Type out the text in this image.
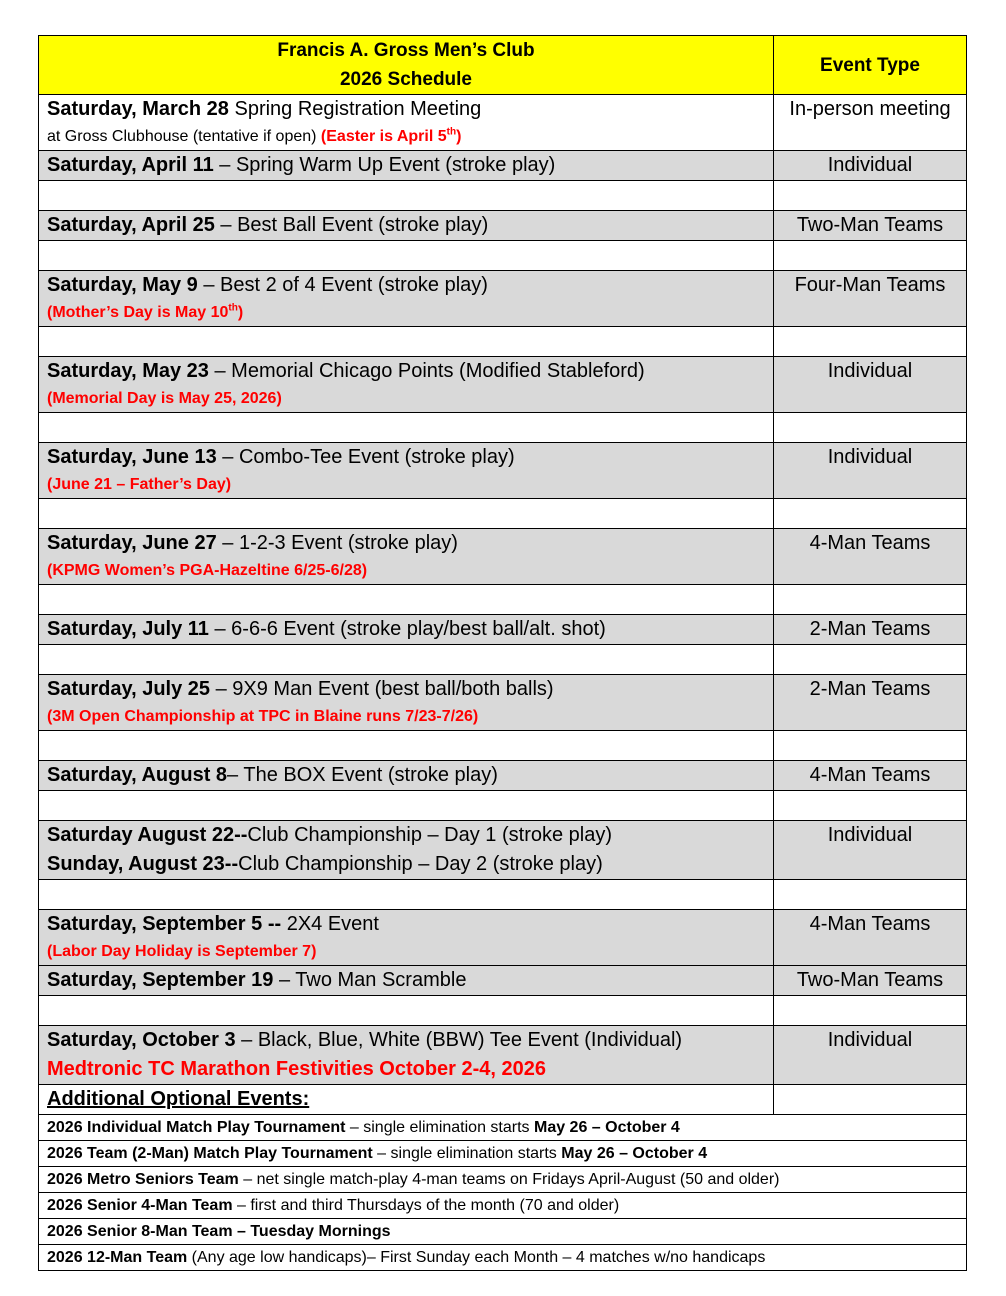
Francis A. Gross Men’s Club
2026 Schedule	Event Type

Saturday, March 28 Spring Registration Meeting
at Gross Clubhouse (tentative if open) (Easter is April 5th)	In-person meeting
Saturday, April 11 – Spring Warm Up Event (stroke play)	Individual

Saturday, April 25 – Best Ball Event (stroke play)	Two-Man Teams

Saturday, May 9 – Best 2 of 4 Event (stroke play)
(Mother’s Day is May 10th)	Four-Man Teams

Saturday, May 23 – Memorial Chicago Points (Modified Stableford)
(Memorial Day is May 25, 2026)	Individual

Saturday, June 13 – Combo-Tee Event (stroke play)
(June 21 – Father’s Day)	Individual

Saturday, June 27 – 1-2-3 Event (stroke play)
(KPMG Women’s PGA-Hazeltine 6/25-6/28)	4-Man Teams

Saturday, July 11 – 6-6-6 Event (stroke play/best ball/alt. shot)	2-Man Teams

Saturday, July 25 – 9X9 Man Event (best ball/both balls)
(3M Open Championship at TPC in Blaine runs 7/23-7/26)	2-Man Teams

Saturday, August 8– The BOX Event (stroke play)	4-Man Teams

Saturday August 22--Club Championship – Day 1 (stroke play)
Sunday, August 23--Club Championship – Day 2 (stroke play)	Individual

Saturday, September 5 -- 2X4 Event
(Labor Day Holiday is September 7)	4-Man Teams
Saturday, September 19 – Two Man Scramble	Two-Man Teams

Saturday, October 3 – Black, Blue, White (BBW) Tee Event (Individual)
Medtronic TC Marathon Festivities October 2-4, 2026	Individual
Additional Optional Events:	
2026 Individual Match Play Tournament – single elimination starts May 26 – October 4	
2026 Team (2-Man) Match Play Tournament – single elimination starts May 26 – October 4	
2026 Metro Seniors Team – net single match-play 4-man teams on Fridays April-August (50 and older)	
2026 Senior 4-Man Team – first and third Thursdays of the month (70 and older)	
2026 Senior 8-Man Team – Tuesday Mornings	
2026 12-Man Team (Any age low handicaps)– First Sunday each Month – 4 matches w/no handicaps	
